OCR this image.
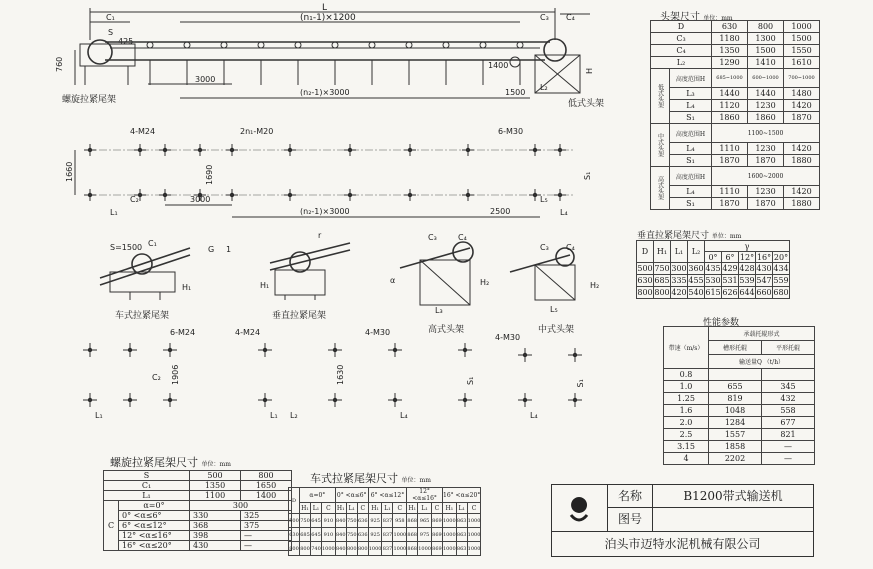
L
(n₁-1)×1200
C₁
S
425
760
C₃ C₄
1400
H
L₂
3000
(n₂-1)×3000	1500
螺旋拉紧尾架	低式头架
1660	1690
4-M24	2n₁-M20	6-M30
3000
(n₂-1)×3000	2500
L₁
C₂	L₅
L₄
S₁
S=1500 C₁
H₁
车式拉紧尾架
r
H₁
垂直拉紧尾架
C₃	C₄
H₂
L₃
α
高式头架
C₃ C₄
H₂
L₅
中式头架
G 1
6-M24
1906
L₁
C₂
4-M24
1630
L₁ L₂
4-M30
S₁
L₄
4-M30
S₁
L₄
头架尺寸 单位：mm
D		630	800	1000
C₃		1180	1300	1500
C₄		1350	1500	1550
L₂		1290	1410	1610
低式头架	高度范围H	685~1000	600~1000	700~1000
	L₃	1440	1440	1480
	L₄	1120	1230	1420
	S₁	1860	1860	1870
中式头架	高度范围H	1100~1500		
	L₄	1110	1230	1420
	S₁	1870	1870	1880
高式头架	高度范围H	1600~2000		
	L₄	1110	1230	1420
	S₁	1870	1870	1880
垂直拉紧尾架尺寸 单位：mm
D	H₁	L₁	L₂	γ				
				0°	6°	12°	16°	20°
500	750	300	360	435	429	428	430	434
630	685	335	455	530	531	539	547	559
800	800	420	540	615	626	644	660	680
性能参数
带速（m/s）	承载托辊形式	
	槽形托辊	平形托辊
	输送量Q （t/h）	
0.8		
1.0	655	345
1.25	819	432
1.6	1048	558
2.0	1284	677
2.5	1557	821
3.15	1858	—
4	2202	—
螺旋拉紧尾架尺寸 单位：mm
S		500	800
C₁		1350	1650
L₁		1100	1400
C	α=0°	300	
	0° <α≤6°	330	325
	6° <α≤12°	368	375
	12° <α≤16°	398	—
	16° <α≤20°	430	—
车式拉紧尾架尺寸 单位：mm
D	α=0°			0° <α≤6°			6° <α≤12°			12° <α≤16°			16° <α≤20°		
	H₁	L₁	C	H₁	L₁	C	H₁	L₁	C	H₁	L₁	C	H₁	L₁	C
500	750	645	910	840	750	636	925	837	958	868	965	869	1000	863	1000
630	685	645	910	840	750	636	925	837	1000	868	975	869	1000	863	1000
800	800	740	1000	840	800	800	1000	837	1000	868	1000	869	1000	863	1000
名称	B1200带式输送机
图号
泊头市迈特水泥机械有限公司
